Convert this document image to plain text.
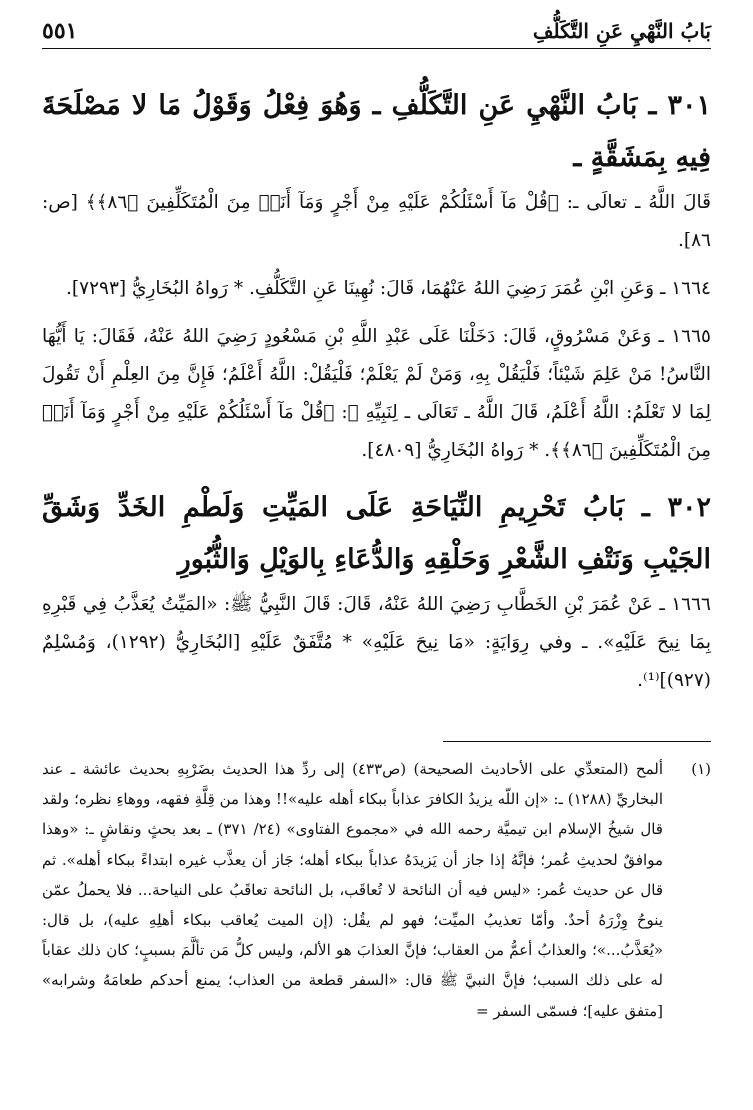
بَابُ النَّهْيِ عَنِ التَّكَلُّفِ
٥٥١
٣٠١ ـ بَابُ النَّهْيِ عَنِ التَّكَلُّفِ ـ وَهُوَ فِعْلُ وَقَوْلُ مَا لا مَصْلَحَةَ فِيهِ بِمَشَقَّةٍ ـ

قَالَ اللَّهُ ـ تعالَى ـ: ﴿قُلْ مَآ أَسْئَلُكُمْ عَلَيْهِ مِنْ أَجْرٍ وَمَآ أَنَا۠ مِنَ الْمُتَكَلِّفِينَ ﴿٨٦﴾﴾ [ص: ٨٦].

١٦٦٤ ـ وَعَنِ ابْنِ عُمَرَ رَضِيَ اللهُ عَنْهُمَا، قَالَ: نُهِينَا عَنِ التَّكَلُّفِ. * رَواهُ البُخَارِيُّ [٧٢٩٣].

١٦٦٥ ـ وَعَنْ مَسْرُوقٍ، قَالَ: دَخَلْنَا عَلَى عَبْدِ اللَّهِ بْنِ مَسْعُودٍ رَضِيَ اللهُ عَنْهُ، فَقَالَ: يَا أَيُّهَا النَّاسُ! مَنْ عَلِمَ شَيْئاً؛ فَلْيَقُلْ بِهِ، وَمَنْ لَمْ يَعْلَمْ؛ فَلْيَقُلْ: اللَّهُ أَعْلَمُ؛ فَإِنَّ مِنَ العِلْمِ أَنْ تَقُولَ لِمَا لا تَعْلَمُ: اللَّهُ أَعْلَمُ، قَالَ اللَّهُ ـ تَعَالَى ـ لِنَبِيِّهِ ﷺ: ﴿قُلْ مَآ أَسْئَلُكُمْ عَلَيْهِ مِنْ أَجْرٍ وَمَآ أَنَا۠ مِنَ الْمُتَكَلِّفِينَ ﴿٨٦﴾﴾. * رَواهُ البُخَارِيُّ [٤٨٠٩].

٣٠٢ ـ بَابُ تَحْرِيمِ النِّيَاحَةِ عَلَى المَيِّتِ وَلَطْمِ الخَدِّ وَشَقِّ الجَيْبِ وَنَتْفِ الشَّعْرِ وَحَلْقِهِ وَالدُّعَاءِ بِالوَيْلِ وَالثُّبُورِ

١٦٦٦ ـ عَنْ عُمَرَ بْنِ الخَطَّابِ رَضِيَ اللهُ عَنْهُ، قَالَ: قَالَ النَّبِيُّ ﷺ: «المَيِّتُ يُعَذَّبُ فِي قَبْرِهِ بِمَا نِيحَ عَلَيْهِ». ـ وفي رِوَايَةٍ: «مَا نِيحَ عَلَيْهِ» * مُتَّفَقٌ عَلَيْهِ [البُخَارِيُّ (١٢٩٢)، وَمُسْلِمٌ (٩٢٧)]⁽¹⁾.

(١)
ألمح (المتعدِّي على الأحاديث الصحيحة) (ص٤٣٣) إلى ردِّ هذا الحديث بضَرْبِهِ بحديث عائشة ـ عند البخاريِّ (١٢٨٨) ـ: «إن اللّه يزيدُ الكافرَ عذاباً ببكاء أهله عليه»!! وهذا من قِلَّةِ فقهه، ووهاءِ نظره؛ ولقد قال شيخُ الإسلام ابن تيميَّة رحمه الله في «مجموع الفتاوى» (٢٤/ ٣٧١) ـ بعد بحثٍ ونقاشٍ ـ: «وهذا موافقٌ لحديثِ عُمر؛ فإنَّهُ إذا جاز أن يَزيدَهُ عذاباً ببكاء أهله؛ جَاز أن يعذَّب غيره ابتداءً ببكاء أهله». ثم قال عن حديث عُمر: «ليس فيه أن النائحة لا تُعاقَب، بل النائحة تعاقَبُ على النياحة... فلا يحملُ عمّن ينوحُ وِزْرَهُ أحدٌ. وأمّا تعذيبُ الميِّت؛ فهو لم يقُل: (إن الميت يُعاقب ببكاء أهلِهِ عليه)، بل قال: «يُعَذَّبُ...»؛ والعذابُ أعمُّ من العقاب؛ فإنَّ العذابَ هو الألم، وليس كلُّ مَن تألَّمَ بسببٍ؛ كان ذلك عقاباً له على ذلك السبب؛ فإنَّ النبيَّ ﷺ قال: «السفر قطعة من العذاب؛ يمنع أحدكم طعامَهُ وشرابه» [متفق عليه]؛ فسمّى السفر =
